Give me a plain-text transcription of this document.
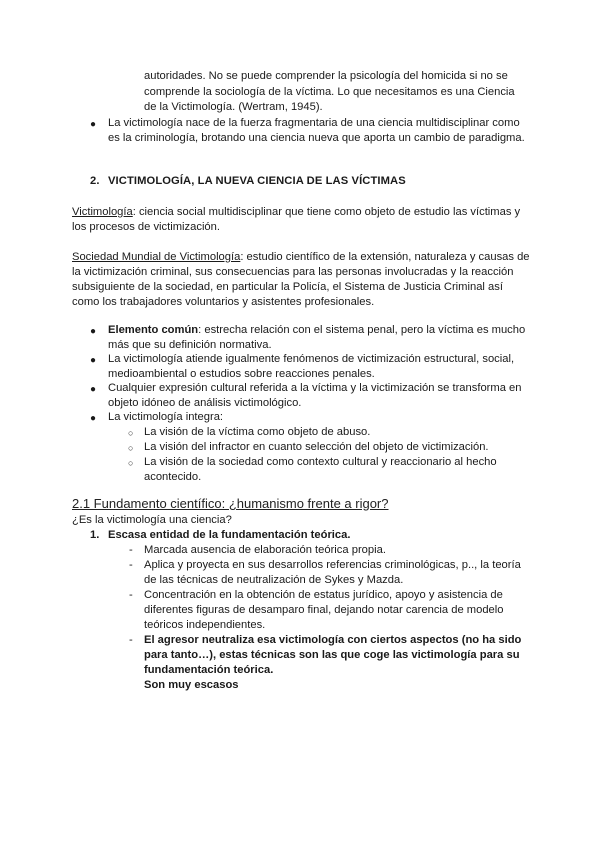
autoridades. No se puede comprender la psicología del homicida si no se

comprende la sociología de la víctima. Lo que necesitamos es una Ciencia

de la Victimología. (Wertram, 1945).

● La victimología nace de la fuerza fragmentaria de una ciencia multidisciplinar como

es la criminología, brotando una ciencia nueva que aporta un cambio de paradigma.

2. VICTIMOLOGÍA, LA NUEVA CIENCIA DE LAS VÍCTIMAS

Victimología: ciencia social multidisciplinar que tiene como objeto de estudio las víctimas y

los procesos de victimización.

Sociedad Mundial de Victimología: estudio científico de la extensión, naturaleza y causas de

la victimización criminal, sus consecuencias para las personas involucradas y la reacción

subsiguiente de la sociedad, en particular la Policía, el Sistema de Justicia Criminal así

como los trabajadores voluntarios y asistentes profesionales.

● Elemento común: estrecha relación con el sistema penal, pero la víctima es mucho

más que su definición normativa.

● La victimología atiende igualmente fenómenos de victimización estructural, social,

medioambiental o estudios sobre reacciones penales.

● Cualquier expresión cultural referida a la víctima y la victimización se transforma en

objeto idóneo de análisis victimológico.

● La victimología integra:

○ La visión de la víctima como objeto de abuso.

○ La visión del infractor en cuanto selección del objeto de victimización.

○ La visión de la sociedad como contexto cultural y reaccionario al hecho

acontecido.

2.1 Fundamento científico: ¿humanismo frente a rigor?

¿Es la victimología una ciencia?

1. Escasa entidad de la fundamentación teórica.

- Marcada ausencia de elaboración teórica propia.

- Aplica y proyecta en sus desarrollos referencias criminológicas, p.., la teoría

de las técnicas de neutralización de Sykes y Mazda.

- Concentración en la obtención de estatus jurídico, apoyo y asistencia de

diferentes figuras de desamparo final, dejando notar carencia de modelo

teóricos independientes.

- El agresor neutraliza esa victimología con ciertos aspectos (no ha sido

para tanto…), estas técnicas son las que coge las victimología para su

fundamentación teórica.

Son muy escasos
